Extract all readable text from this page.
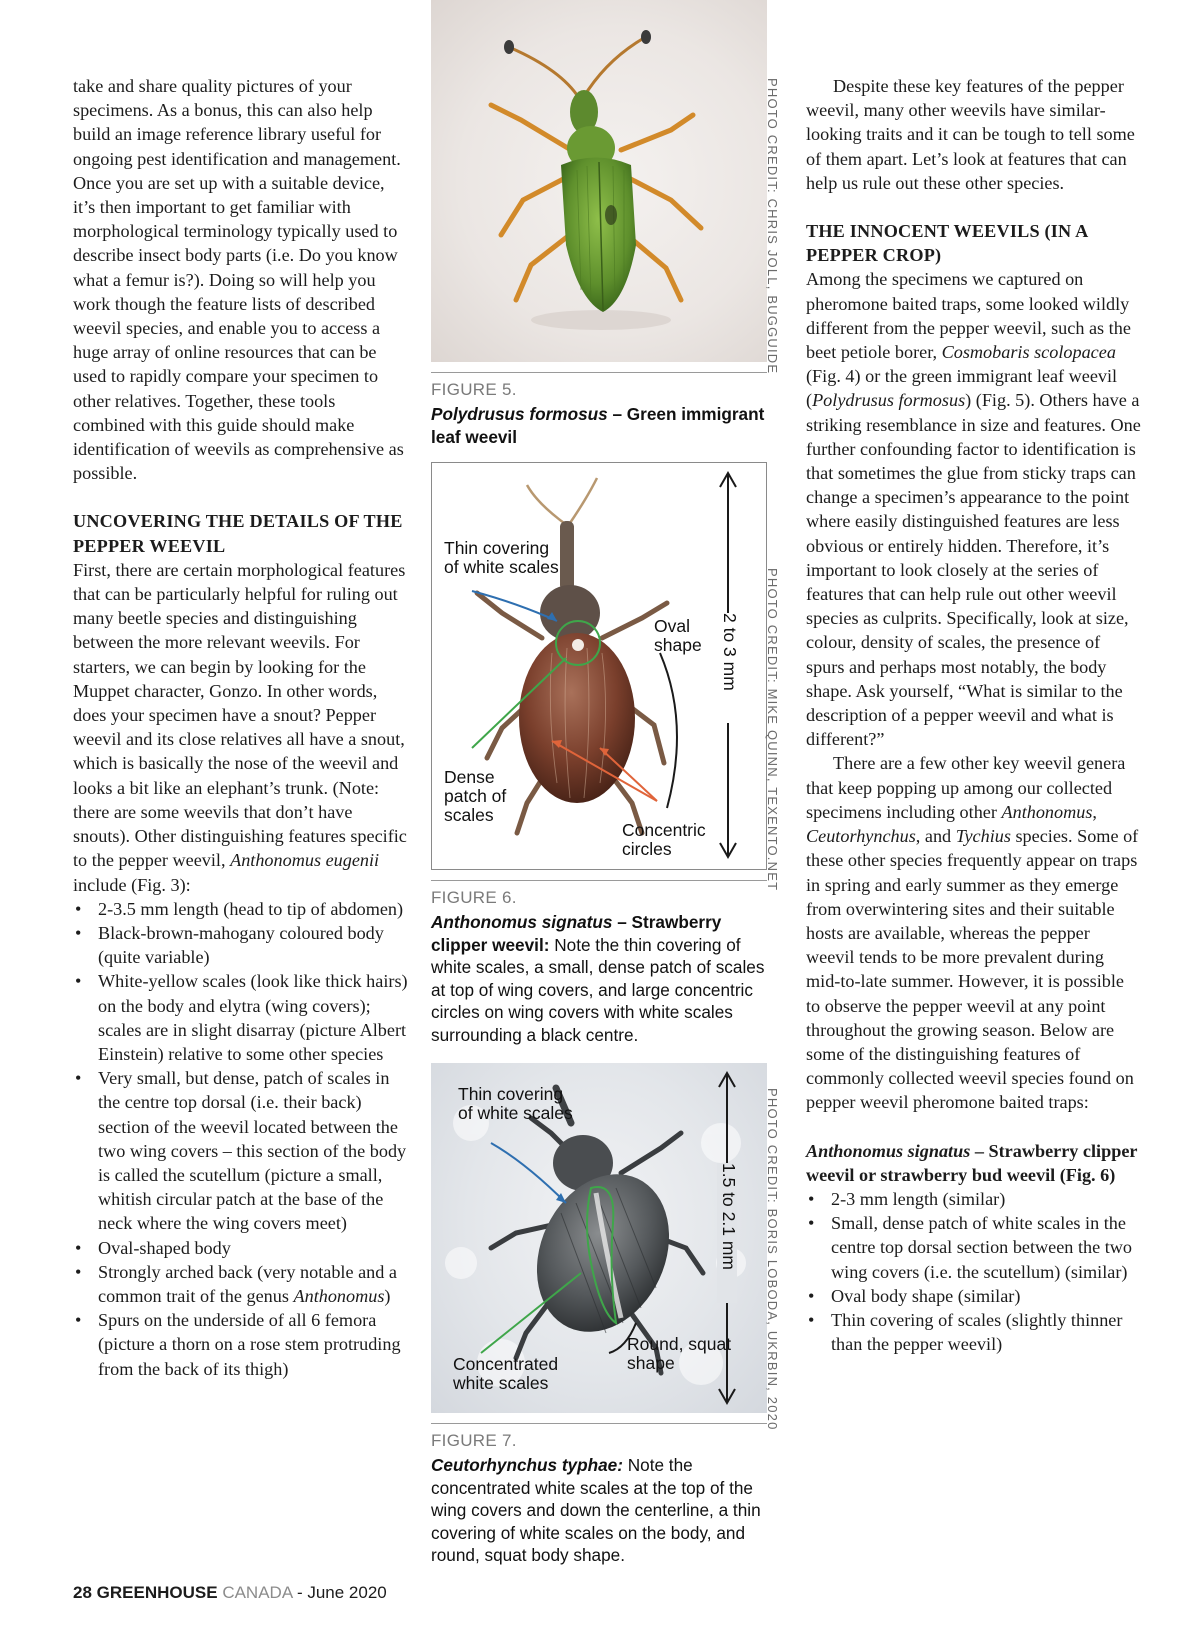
take and share quality pictures of your specimens. As a bonus, this can also help build an image reference library useful for ongoing pest identification and management. Once you are set up with a suitable device, it’s then important to get familiar with morphological terminology typically used to describe insect body parts (i.e. Do you know what a femur is?). Doing so will help you work though the feature lists of described weevil species, and enable you to access a huge array of online resources that can be used to rapidly compare your specimen to other relatives. Together, these tools combined with this guide should make identification of weevils as comprehensive as possible.

UNCOVERING THE DETAILS OF THE PEPPER WEEVIL

First, there are certain morphological features that can be particularly helpful for ruling out many beetle species and distinguishing between the more relevant weevils. For starters, we can begin by looking for the Muppet character, Gonzo. In other words, does your specimen have a snout? Pepper weevil and its close relatives all have a snout, which is basically the nose of the weevil and looks a bit like an elephant’s trunk. (Note: there are some weevils that don’t have snouts). Other distinguishing features specific to the pepper weevil, Anthonomus eugenii include (Fig. 3):

• 2-3.5 mm length (head to tip of abdomen)
• Black-brown-mahogany coloured body (quite variable)
• White-yellow scales (look like thick hairs) on the body and elytra (wing covers); scales are in slight disarray (picture Albert Einstein) relative to some other species
• Very small, but dense, patch of scales in the centre top dorsal (i.e. their back) section of the weevil located between the two wing covers – this section of the body is called the scutellum (picture a small, whitish circular patch at the base of the neck where the wing covers meet)
• Oval-shaped body
• Strongly arched back (very notable and a common trait of the genus Anthonomus)
• Spurs on the underside of all 6 femora (picture a thorn on a rose stem protruding from the back of its thigh)
PHOTO CREDIT: CHRIS JOLL, BUGGUIDE
FIGURE 5.
Polydrusus formosus – Green immigrant leaf weevil
Thin covering of white scales
Oval shape
Dense patch of scales
Concentric circles
2 to 3 mm PHOTO CREDIT: MIKE QUINN, TEXENTO.NET
FIGURE 6.
Anthonomus signatus – Strawberry clipper weevil: Note the thin covering of white scales, a small, dense patch of scales at top of wing covers, and large concentric circles on wing covers with white scales surrounding a black centre.
Thin covering of white scales
Round, squat shape
Concentrated white scales
1.5 to 2.1 mm PHOTO CREDIT: BORIS LOBODA, UKRBIN, 2020
FIGURE 7.
Ceutorhynchus typhae: Note the concentrated white scales at the top of the wing covers and down the centerline, a thin covering of white scales on the body, and round, squat body shape.

Despite these key features of the pepper weevil, many other weevils have similar-looking traits and it can be tough to tell some of them apart. Let’s look at features that can help us rule out these other species.

THE INNOCENT WEEVILS (IN A PEPPER CROP)

Among the specimens we captured on pheromone baited traps, some looked wildly different from the pepper weevil, such as the beet petiole borer, Cosmobaris scolopacea (Fig. 4) or the green immigrant leaf weevil (Polydrusus formosus) (Fig. 5). Others have a striking resemblance in size and features. One further confounding factor to identification is that sometimes the glue from sticky traps can change a specimen’s appearance to the point where easily distinguished features are less obvious or entirely hidden. Therefore, it’s important to look closely at the series of features that can help rule out other weevil species as culprits. Specifically, look at size, colour, density of scales, the presence of spurs and perhaps most notably, the body shape. Ask yourself, “What is similar to the description of a pepper weevil and what is different?”

There are a few other key weevil genera that keep popping up among our collected specimens including other Anthonomus, Ceutorhynchus, and Tychius species. Some of these other species frequently appear on traps in spring and early summer as they emerge from overwintering sites and their suitable hosts are available, whereas the pepper weevil tends to be more prevalent during mid-to-late summer. However, it is possible to observe the pepper weevil at any point throughout the growing season. Below are some of the distinguishing features of commonly collected weevil species found on pepper weevil pheromone baited traps:

Anthonomus signatus – Strawberry clipper weevil or strawberry bud weevil (Fig. 6)

• 2-3 mm length (similar)
• Small, dense patch of white scales in the centre top dorsal section between the two wing covers (i.e. the scutellum) (similar)
• Oval body shape (similar)
• Thin covering of scales (slightly thinner than the pepper weevil)
28 GREENHOUSE CANADA - June 2020
